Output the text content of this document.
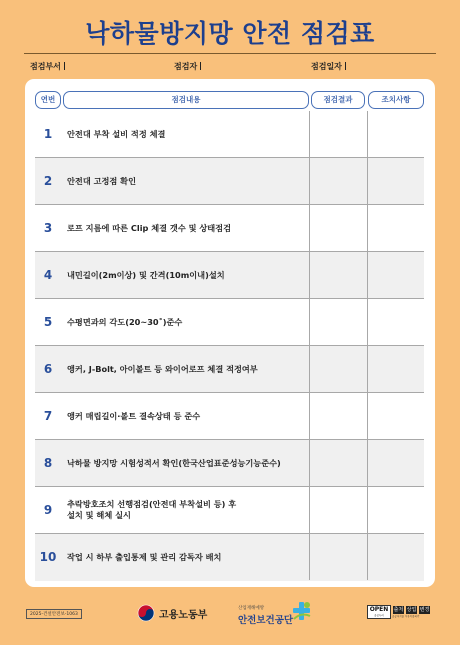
낙하물방지망 안전 점검표
점검부서	점검자	점검일자
연번	점검내용	점검결과	조치사항
1	안전대 부착 설비 적정 체결
2	안전대 고정점 확인
3	로프 지름에 따른 Clip 체결 갯수 및 상태점검
4	내민길이(2m이상) 및 간격(10m이내)설치
5	수평면과의 각도(20~30˚)준수
6	앵커, J-Bolt, 아이볼트 등 와이어로프 체결 적정여부
7	앵커 매립길이·볼트 결속상태 등 준수
8	낙하물 방지망 시험성적서 확인(한국산업표준성능기능준수)
9	추락방호조치 선행점검(안전대 부착설비 등) 후
설치 및 해체 실시
10	작업 시 하부 출입통제 및 관리 감독자 배치
2025-건설안전보-1063	고용노동부
산업재해예방
안전보건공단
OPEN
공공누리
출처 상업 변경
공공저작물 자유이용허락
